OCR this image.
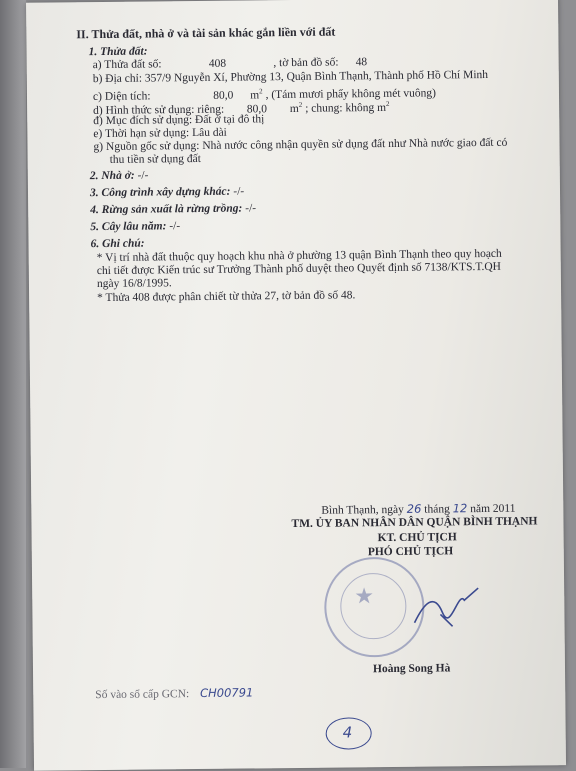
II. Thửa đất, nhà ở và tài sản khác gắn liền với đất
1. Thửa đất:
a) Thửa đất số:	408	, tờ bản đồ số: 48
b) Địa chỉ: 357/9 Nguyễn Xí, Phường 13, Quận Bình Thạnh, Thành phố Hồ Chí Minh
c) Diện tích:	80,0 $m^2$ , (Tám mươi phẩy không mét vuông)
d) Hình thức sử dụng: riêng: 80,0 $m^2$ ; chung: không $m^2$
đ) Mục đích sử dụng: Đất ở tại đô thị
e) Thời hạn sử dụng: Lâu dài
g) Nguồn gốc sử dụng: Nhà nước công nhận quyền sử dụng đất như Nhà nước giao đất có
thu tiền sử dụng đất
2. Nhà ở: -/-
3. Công trình xây dựng khác: -/-
4. Rừng sản xuất là rừng trồng: -/-
5. Cây lâu năm: -/-
6. Ghi chú:
* Vị trí nhà đất thuộc quy hoạch khu nhà ở phường 13 quận Bình Thạnh theo quy hoạch
chi tiết được Kiến trúc sư Trưởng Thành phố duyệt theo Quyết định số 7138/KTS.T.QH
ngày 16/8/1995.
* Thửa 408 được phân chiết từ thửa 27, tờ bản đồ số 48.
Bình Thạnh, ngày 26 tháng 12 năm 2011
TM. ỦY BAN NHÂN DÂN QUẬN BÌNH THẠNH
KT. CHỦ TỊCH
PHÓ CHỦ TỊCH
★
Hoàng Song Hà
Số vào sổ cấp GCN: CH00791
4
